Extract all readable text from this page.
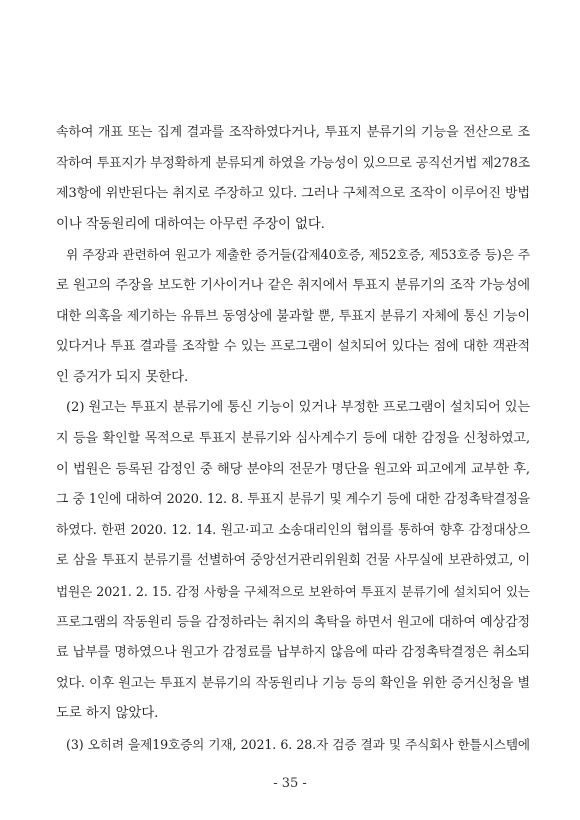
속하여 개표 또는 집계 결과를 조작하였다거나, 투표지 분류기의 기능을 전산으로 조
작하여 투표지가 부정확하게 분류되게 하였을 가능성이 있으므로 공직선거법 제278조
제3항에 위반된다는 취지로 주장하고 있다. 그러나 구체적으로 조작이 이루어진 방법
이나 작동원리에 대하여는 아무런 주장이 없다.
위 주장과 관련하여 원고가 제출한 증거들(갑제40호증, 제52호증, 제53호증 등)은 주
로 원고의 주장을 보도한 기사이거나 같은 취지에서 투표지 분류기의 조작 가능성에
대한 의혹을 제기하는 유튜브 동영상에 불과할 뿐, 투표지 분류기 자체에 통신 기능이
있다거나 투표 결과를 조작할 수 있는 프로그램이 설치되어 있다는 점에 대한 객관적
인 증거가 되지 못한다.
(2) 원고는 투표지 분류기에 통신 기능이 있거나 부정한 프로그램이 설치되어 있는
지 등을 확인할 목적으로 투표지 분류기와 심사계수기 등에 대한 감정을 신청하였고,
이 법원은 등록된 감정인 중 해당 분야의 전문가 명단을 원고와 피고에게 교부한 후,
그 중 1인에 대하여 2020. 12. 8. 투표지 분류기 및 계수기 등에 대한 감정촉탁결정을
하였다. 한편 2020. 12. 14. 원고·피고 소송대리인의 협의를 통하여 향후 감정대상으
로 삼을 투표지 분류기를 선별하여 중앙선거관리위원회 건물 사무실에 보관하였고, 이
법원은 2021. 2. 15. 감정 사항을 구체적으로 보완하여 투표지 분류기에 설치되어 있는
프로그램의 작동원리 등을 감정하라는 취지의 촉탁을 하면서 원고에 대하여 예상감정
료 납부를 명하였으나 원고가 감정료를 납부하지 않음에 따라 감정촉탁결정은 취소되
었다. 이후 원고는 투표지 분류기의 작동원리나 기능 등의 확인을 위한 증거신청을 별
도로 하지 않았다.
(3) 오히려 을제19호증의 기재, 2021. 6. 28.자 검증 결과 및 주식회사 한틀시스템에
- 35 -
